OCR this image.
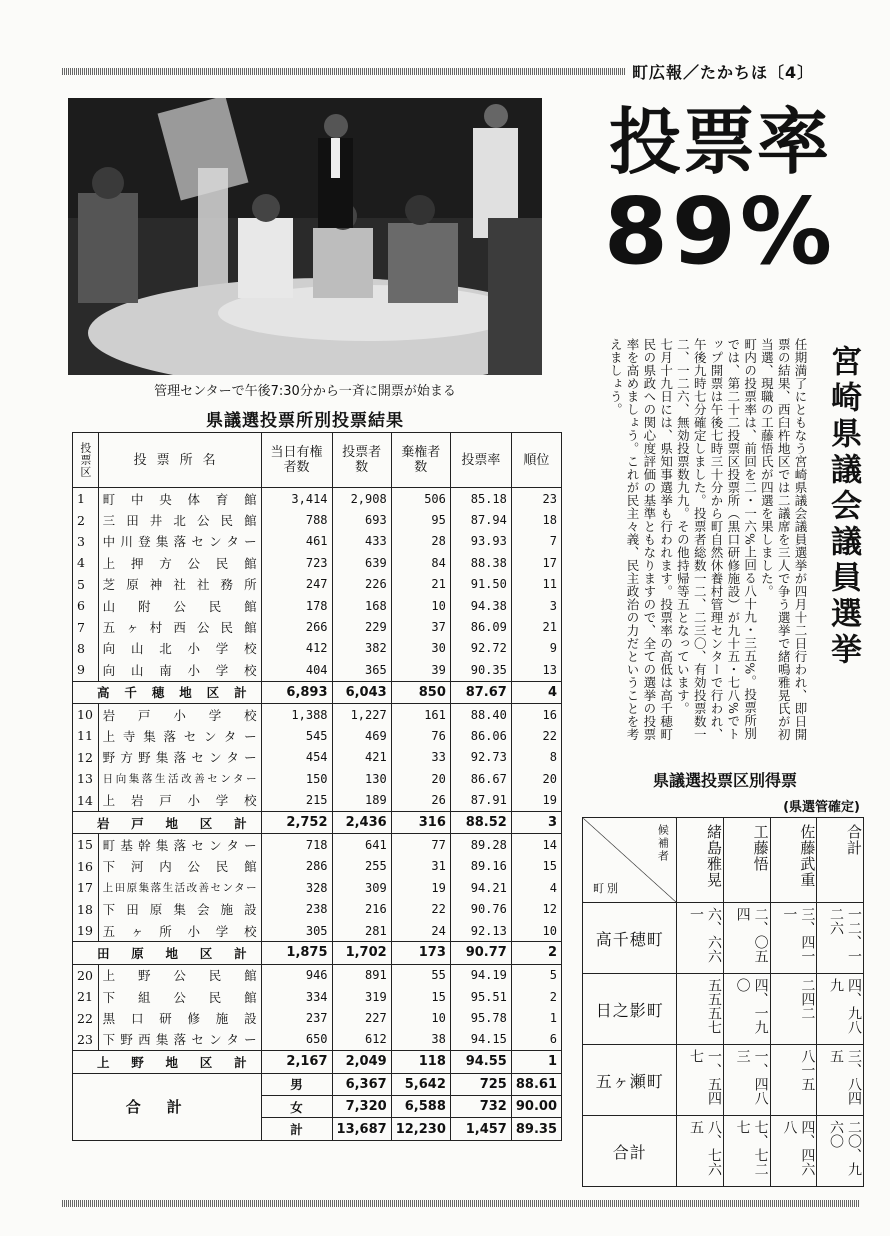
町広報／たかちほ〔4〕
管理センターで午後7:30分から一斉に開票が始まる
投票率
89%
宮崎県議会議員選挙

任期満了にともなう宮崎県議会議員選挙が四月十二日行われ、即日開票の結果、西臼杵地区では二議席を三人で争う選挙で緒鳴雅晃氏が初当選、現職の工藤悟氏が四選を果しました。

町内の投票率は、前回を二・一六%上回る八十九・三五%。投票所別では、第二十二投票区投票所（黒口研修施設）が九十五・七八%でトップ開票は午後七時三十分から町自然休養村管理センターで行われ、午後九時七分確定しました。投票者総数一二、二三〇、有効投票数一二、一二六、無効投票数九九。その他持帰等五となっています。

七月十九日には、県知事選挙も行われます。投票率の高低は高千穂町民の県政への関心度評価の基準ともなりますので、全ての選挙の投票率を高めましょう。これが民主々義、民主政治の力だということを考えましょう。

県議選投票所別投票結果
投票区	投票所名	当日有権者数	投票者数	棄権者数	投票率	順位
1	町中央体育館	3,414	2,908	506	85.18	23
2	三田井北公民館	788	693	95	87.94	18
3	中川登集落センター	461	433	28	93.93	7
4	上押方公民館	723	639	84	88.38	17
5	芝原神社社務所	247	226	21	91.50	11
6	山附公民館	178	168	10	94.38	3
7	五ヶ村西公民館	266	229	37	86.09	21
8	向山北小学校	412	382	30	92.72	9
9	向山南小学校	404	365	39	90.35	13
高千穂地区計		6,893	6,043	850	87.67	4
10	岩戸小学校	1,388	1,227	161	88.40	16
11	上寺集落センター	545	469	76	86.06	22
12	野方野集落センター	454	421	33	92.73	8
13	日向集落生活改善センター	150	130	20	86.67	20
14	上岩戸小学校	215	189	26	87.91	19
岩戸地区計		2,752	2,436	316	88.52	3
15	町基幹集落センター	718	641	77	89.28	14
16	下河内公民館	286	255	31	89.16	15
17	上田原集落生活改善センター	328	309	19	94.21	4
18	下田原集会施設	238	216	22	90.76	12
19	五ヶ所小学校	305	281	24	92.13	10
田原地区計		1,875	1,702	173	90.77	2
20	上野公民館	946	891	55	94.19	5
21	下組公民館	334	319	15	95.51	2
22	黒口研修施設	237	227	10	95.78	1
23	下野西集落センター	650	612	38	94.15	6
上野地区計		2,167	2,049	118	94.55	1
合計		男	6,367	5,642	725	88.61
		女	7,320	6,588	732	90.00
		計	13,687	12,230	1,457	89.35
県議選投票区別得票
(県選管確定)
候補者
町別	緒島雅晃	工藤悟	佐藤武重	合計
高千穂町	六、六六一	二、〇五四	三、四一一	一二、一二六
日之影町	五五五七	四、一九〇	二四二	四、九八九
五ヶ瀬町	一、五四七	一、四八三	八一五	三、八四五
合計	八、七六五	七、七二七	四、四六八	二〇、九六〇
